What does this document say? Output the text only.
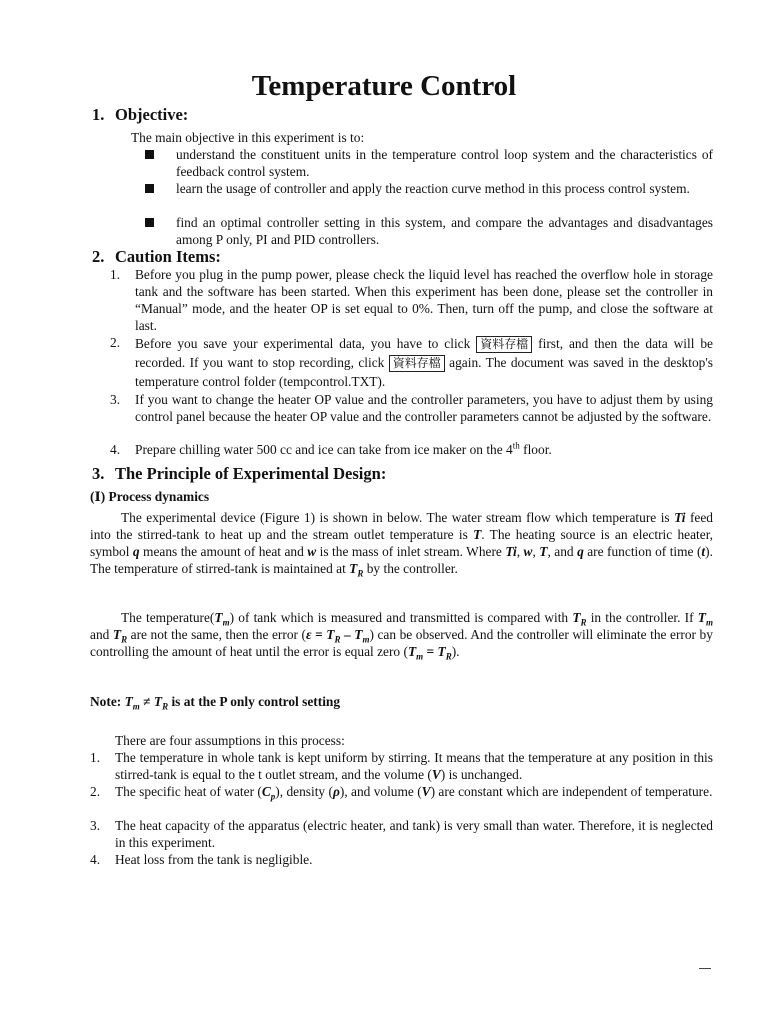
Temperature Control
1. Objective:

The main objective in this experiment is to:

understand the constituent units in the temperature control loop system and the characteristics of feedback control system.
learn the usage of controller and apply the reaction curve method in this process control system.
find an optimal controller setting in this system, and compare the advantages and disadvantages among P only, PI and PID controllers.
2. Caution Items:
1. Before you plug in the pump power, please check the liquid level has reached the overflow hole in storage tank and the software has been started. When this experiment has been done, please set the controller in “Manual” mode, and the heater OP is set equal to 0%. Then, turn off the pump, and close the software at last.
2. Before you save your experimental data, you have to click 資料存檔 first, and then the data will be recorded. If you want to stop recording, click 資料存檔 again. The document was saved in the desktop's temperature control folder (tempcontrol.TXT).
3. If you want to change the heater OP value and the controller parameters, you have to adjust them by using control panel because the heater OP value and the controller parameters cannot be adjusted by the software.
4. Prepare chilling water 500 cc and ice can take from ice maker on the 4th floor.
3. The Principle of Experimental Design:
(Ⅰ) Process dynamics

The experimental device (Figure 1) is shown in below. The water stream flow which temperature is Ti feed into the stirred-tank to heat up and the stream outlet temperature is T. The heating source is an electric heater, symbol q means the amount of heat and w is the mass of inlet stream. Where Ti, w, T, and q are function of time (t). The temperature of stirred-tank is maintained at $T_R$ by the controller.

The $temperature(T_m)$ of tank which is measured and transmitted is compared with $T_R$ in the controller. If $T_m$ and $T_R$ are not the same, then the error $(\varepsilon = T_R - T_m)$ can be observed. And the controller will eliminate the error by controlling the amount of heat until the error is equal zero $(T_m = T_R)$.

Note: $T_m \ne T_R$ is at the P only control setting

There are four assumptions in this process:

1. The temperature in whole tank is kept uniform by stirring. It means that the temperature at any position in this stirred-tank is equal to the t outlet stream, and the volume (V) is unchanged.
2. The specific heat of water $(C_p)$, density (ρ), and volume (V) are constant which are independent of temperature.
3. The heat capacity of the apparatus (electric heater, and tank) is very small than water. Therefore, it is neglected in this experiment.
4. Heat loss from the tank is negligible.
